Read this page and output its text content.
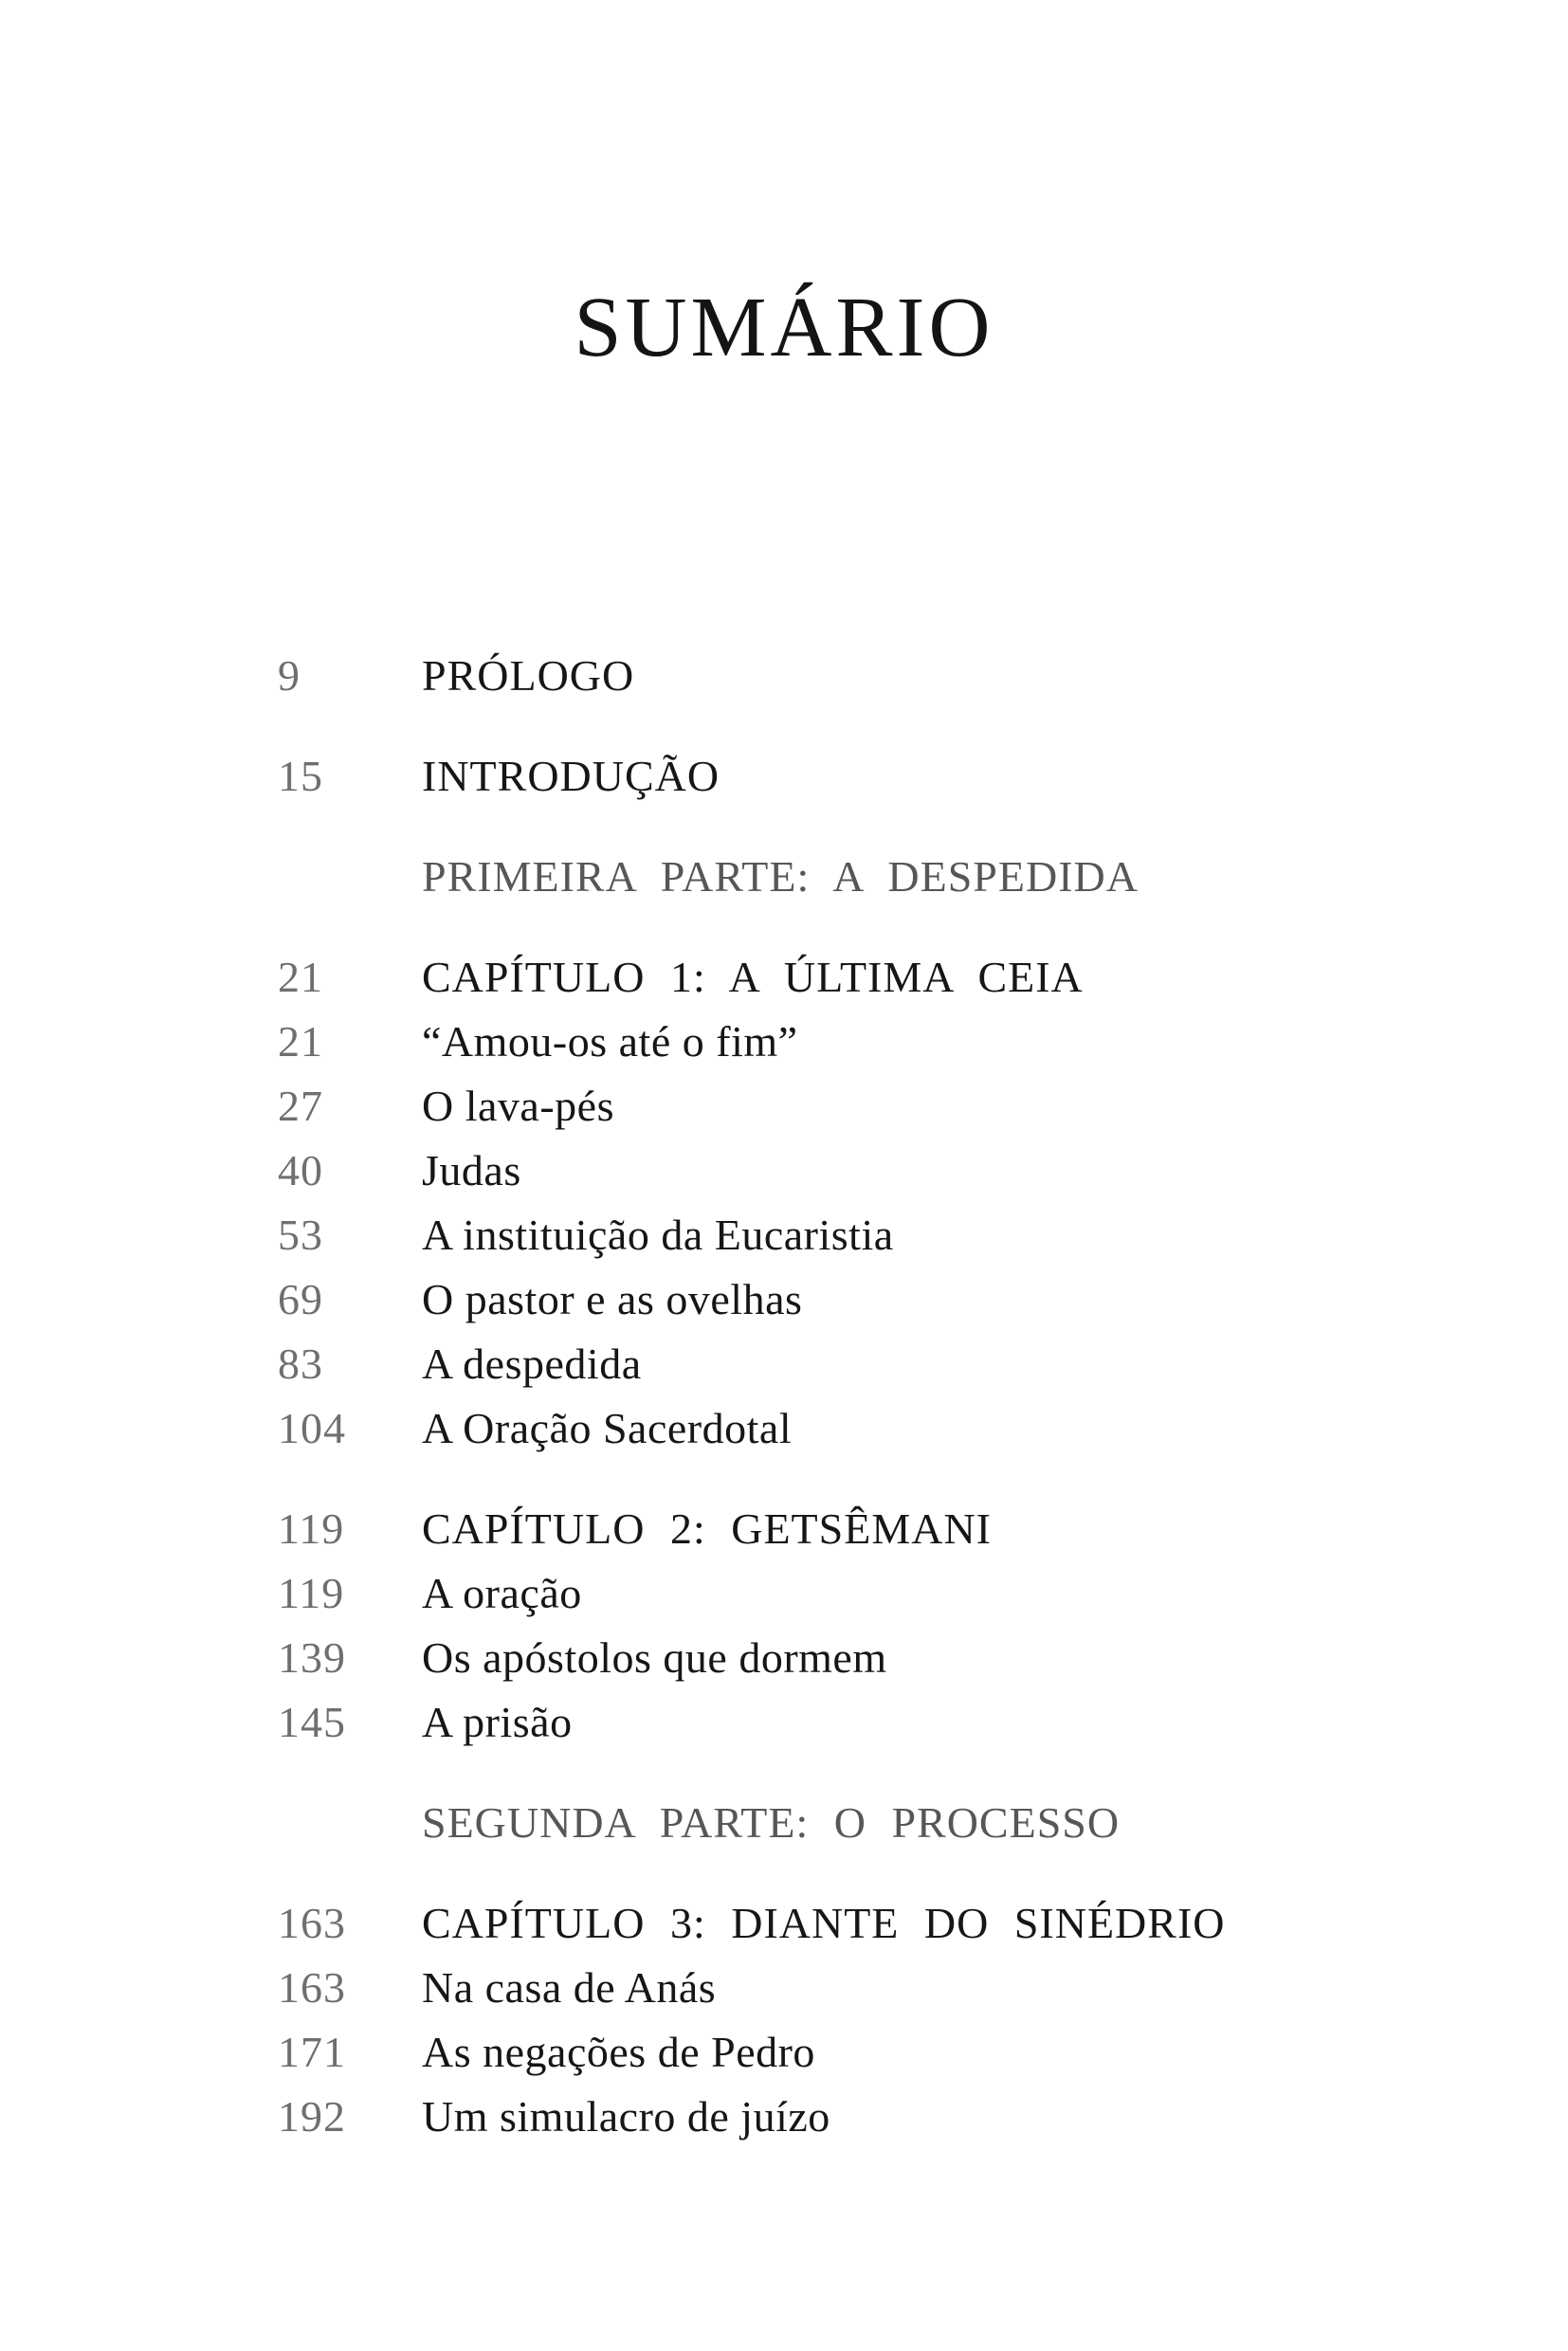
SUMÁRIO
9	PRÓLOGO
15	INTRODUÇÃO
PRIMEIRA PARTE: A DESPEDIDA
21	CAPÍTULO 1: A ÚLTIMA CEIA
21	“Amou-os até o fim”
27	O lava-pés
40	Judas
53	A instituição da Eucaristia
69	O pastor e as ovelhas
83	A despedida
104	A Oração Sacerdotal
119	CAPÍTULO 2: GETSÊMANI
119	A oração
139	Os apóstolos que dormem
145	A prisão
SEGUNDA PARTE: O PROCESSO
163	CAPÍTULO 3: DIANTE DO SINÉDRIO
163	Na casa de Anás
171	As negações de Pedro
192	Um simulacro de juízo
